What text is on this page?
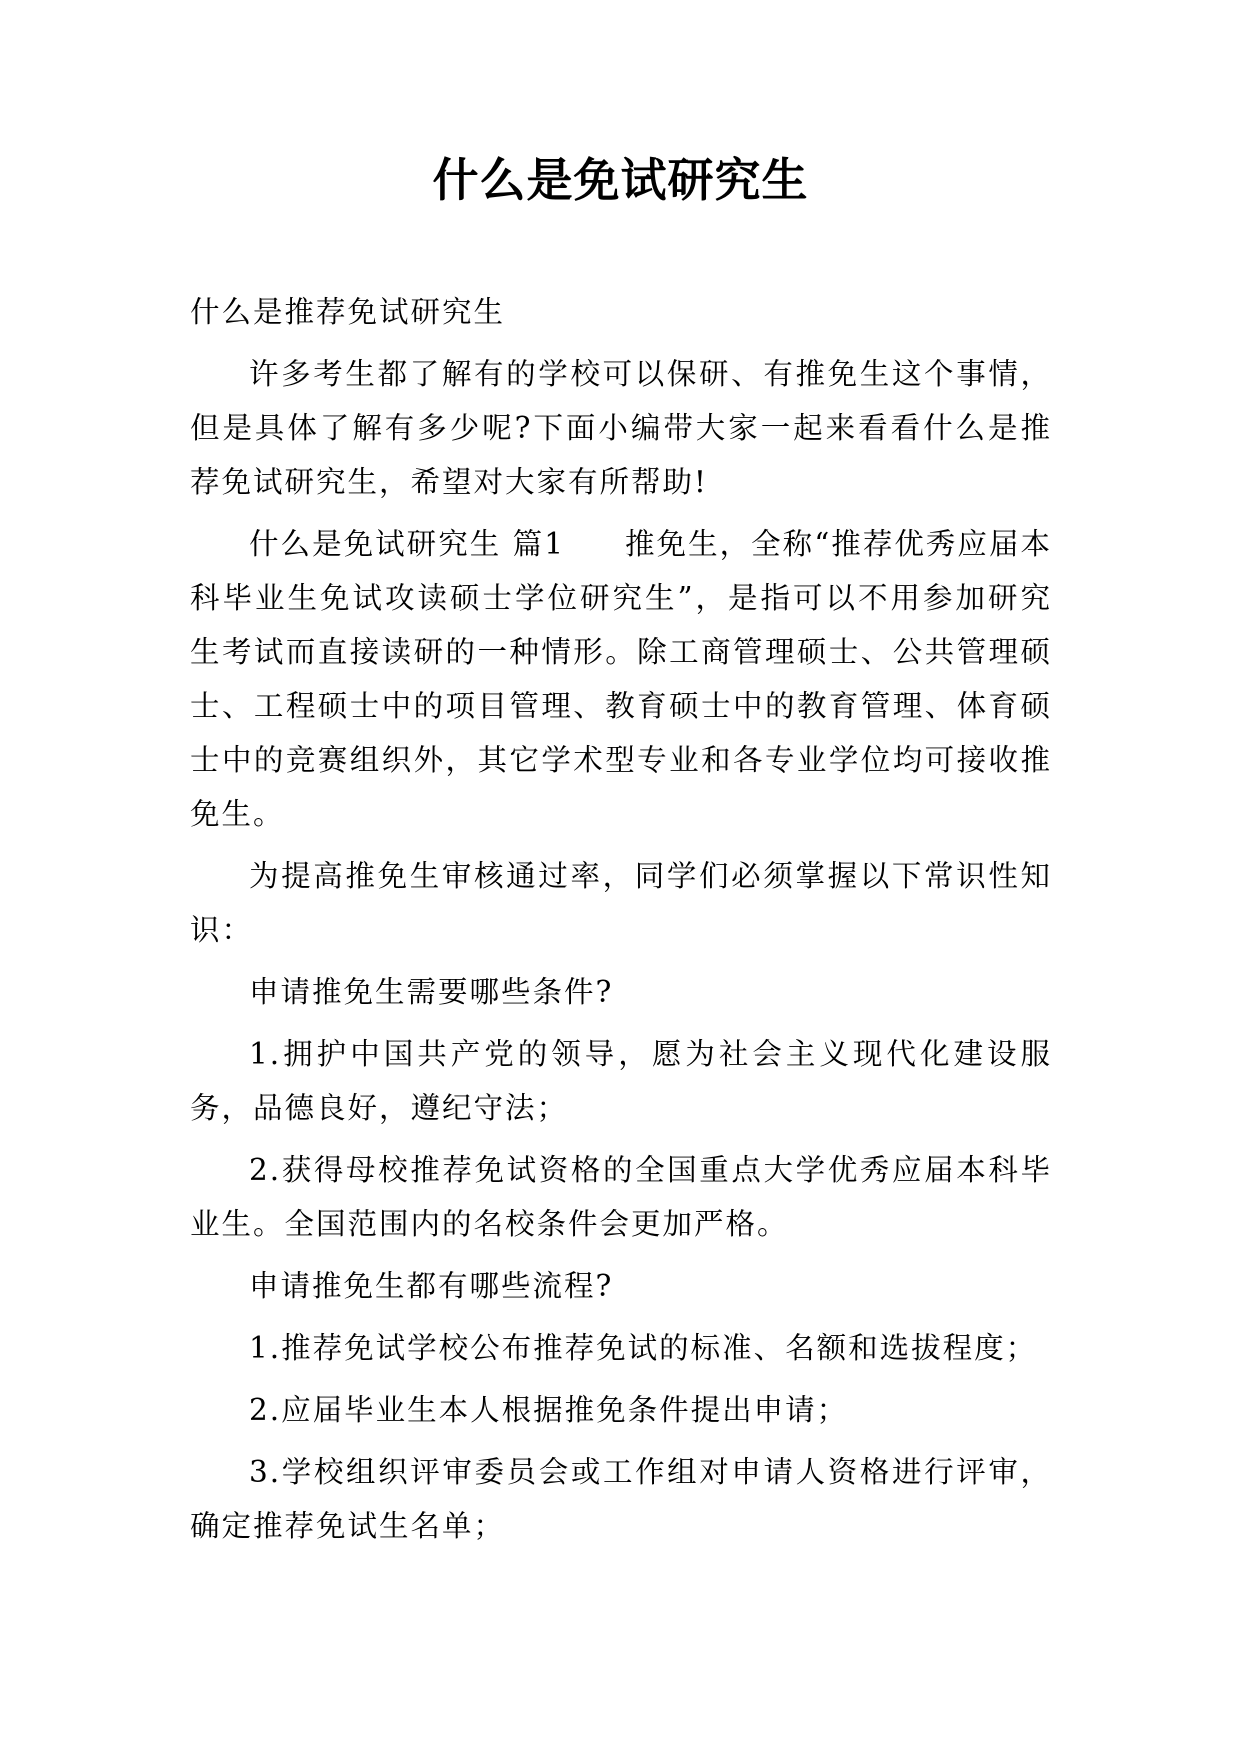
什么是免试研究生

什么是推荐免试研究生

许多考生都了解有的学校可以保研、有推免生这个事情，但是具体了解有多少呢?下面小编带大家一起来看看什么是推荐免试研究生，希望对大家有所帮助!

什么是免试研究生 篇1 推免生，全称“推荐优秀应届本科毕业生免试攻读硕士学位研究生”，是指可以不用参加研究生考试而直接读研的一种情形。除工商管理硕士、公共管理硕士、工程硕士中的项目管理、教育硕士中的教育管理、体育硕士中的竞赛组织外，其它学术型专业和各专业学位均可接收推免生。

为提高推免生审核通过率，同学们必须掌握以下常识性知识：

申请推免生需要哪些条件?

1.拥护中国共产党的领导，愿为社会主义现代化建设服务，品德良好，遵纪守法；

2.获得母校推荐免试资格的全国重点大学优秀应届本科毕业生。全国范围内的名校条件会更加严格。

申请推免生都有哪些流程?

1.推荐免试学校公布推荐免试的标准、名额和选拔程度；

2.应届毕业生本人根据推免条件提出申请；

3.学校组织评审委员会或工作组对申请人资格进行评审，确定推荐免试生名单；
